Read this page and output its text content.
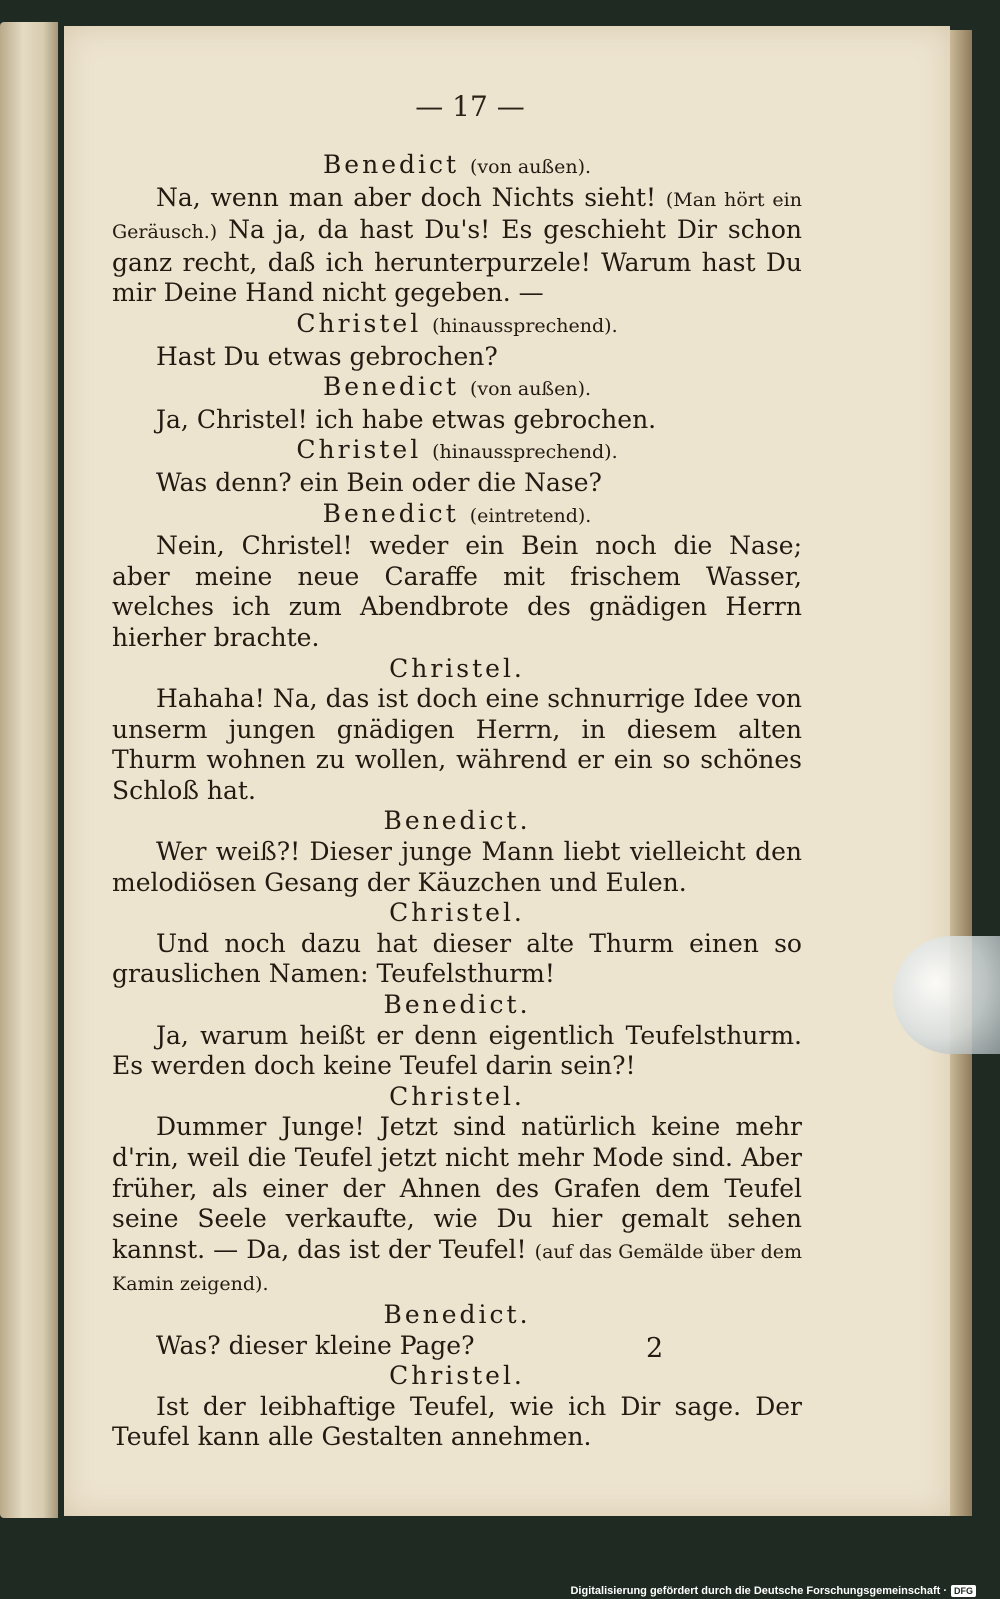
— 17 —
Benedict (von außen).

Na, wenn man aber doch Nichts sieht! (Man hört ein Geräusch.) Na ja, da hast Du's! Es geschieht Dir schon ganz recht, daß ich herunterpurzele! Warum hast Du mir Deine Hand nicht gegeben. —

Christel (hinaussprechend).

Hast Du etwas gebrochen?

Benedict (von außen).

Ja, Christel! ich habe etwas gebrochen.

Christel (hinaussprechend).

Was denn? ein Bein oder die Nase?

Benedict (eintretend).

Nein, Christel! weder ein Bein noch die Nase; aber meine neue Caraffe mit frischem Wasser, welches ich zum Abendbrote des gnädigen Herrn hierher brachte.

Christel.

Hahaha! Na, das ist doch eine schnurrige Idee von unserm jungen gnädigen Herrn, in diesem alten Thurm wohnen zu wollen, während er ein so schönes Schloß hat.

Benedict.

Wer weiß?! Dieser junge Mann liebt vielleicht den melodiösen Gesang der Käuzchen und Eulen.

Christel.

Und noch dazu hat dieser alte Thurm einen so grauslichen Namen: Teufelsthurm!

Benedict.

Ja, warum heißt er denn eigentlich Teufelsthurm. Es werden doch keine Teufel darin sein?!

Christel.

Dummer Junge! Jetzt sind natürlich keine mehr d'rin, weil die Teufel jetzt nicht mehr Mode sind. Aber früher, als einer der Ahnen des Grafen dem Teufel seine Seele verkaufte, wie Du hier gemalt sehen kannst. — Da, das ist der Teufel! (auf das Gemälde über dem Kamin zeigend).

Benedict.

Was? dieser kleine Page?

Christel.

Ist der leibhaftige Teufel, wie ich Dir sage. Der Teufel kann alle Gestalten annehmen.

2
Digitalisierung gefördert durch die Deutsche Forschungsgemeinschaft · DFG
